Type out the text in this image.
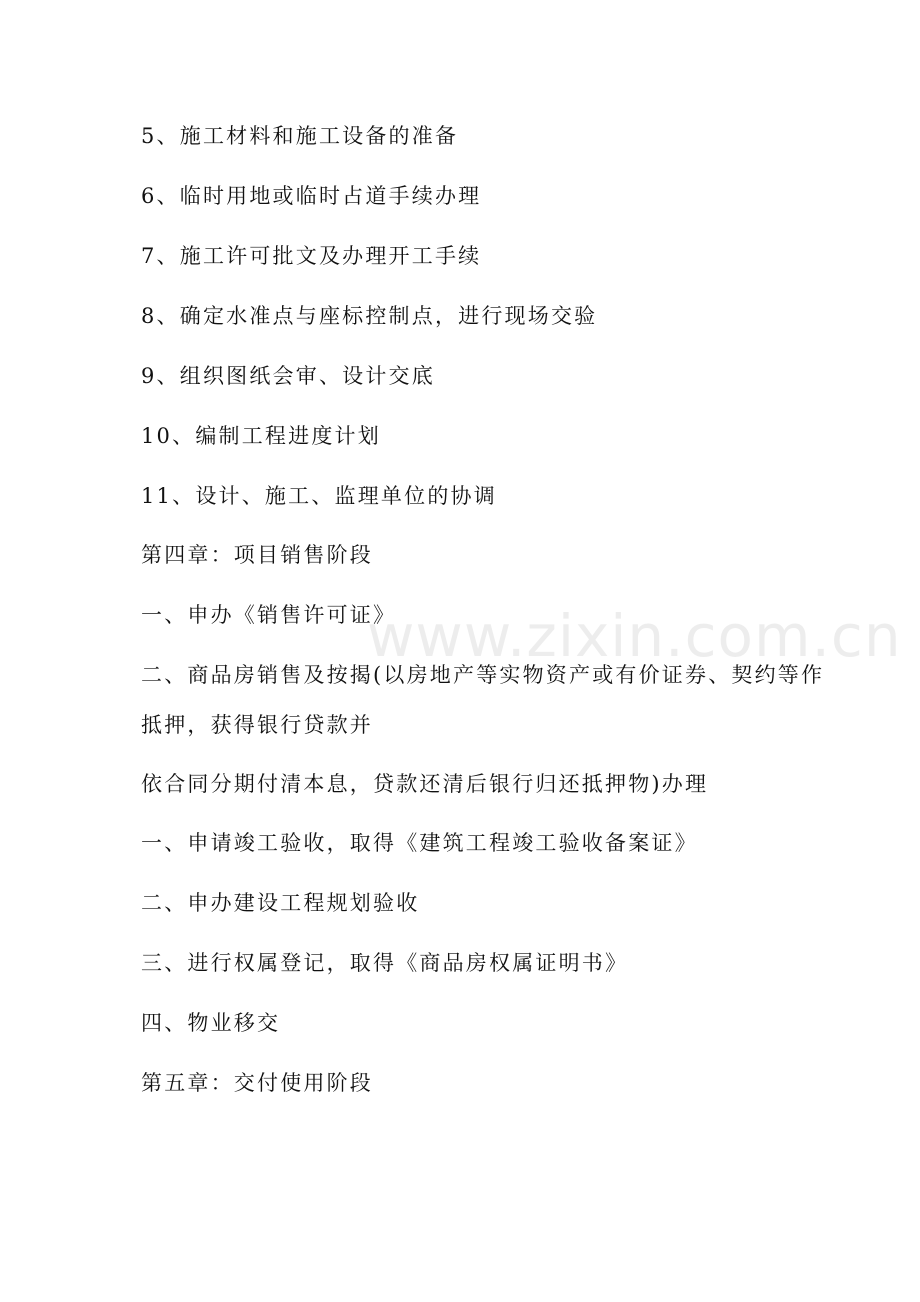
5、施工材料和施工设备的准备
6、临时用地或临时占道手续办理
7、施工许可批文及办理开工手续
8、确定水准点与座标控制点，进行现场交验
9、组织图纸会审、设计交底
10、编制工程进度计划
11、设计、施工、监理单位的协调
第四章：项目销售阶段
一、申办《销售许可证》
二、商品房销售及按揭(以房地产等实物资产或有价证券、契约等作
抵押，获得银行贷款并
依合同分期付清本息，贷款还清后银行归还抵押物)办理
一、申请竣工验收，取得《建筑工程竣工验收备案证》
二、申办建设工程规划验收
三、进行权属登记，取得《商品房权属证明书》
四、物业移交
第五章：交付使用阶段
www.zixin.com.cn
